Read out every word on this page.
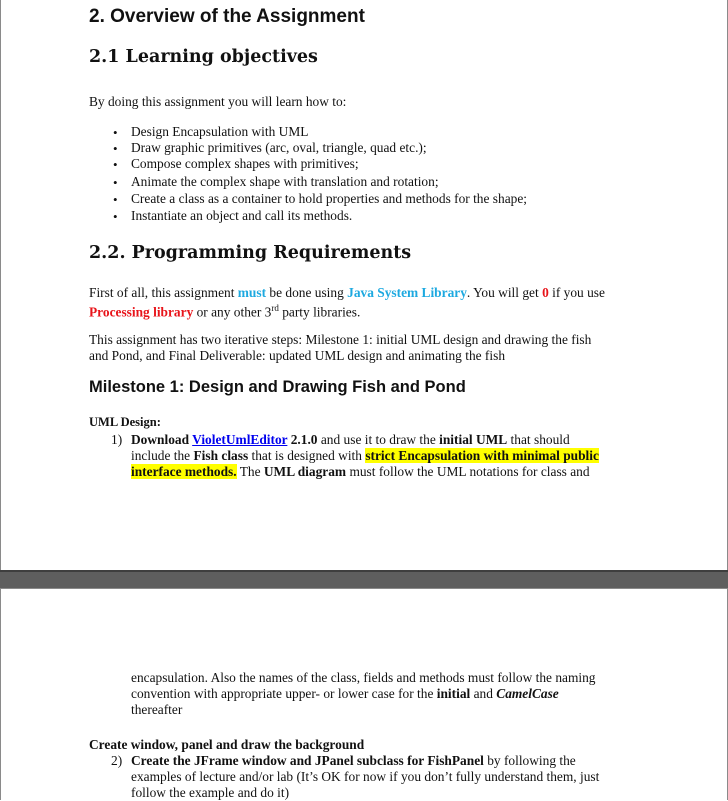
2. Overview of the Assignment
2.1 Learning objectives
By doing this assignment you will learn how to:
• Design Encapsulation with UML
• Draw graphic primitives (arc, oval, triangle, quad etc.);
• Compose complex shapes with primitives;
• Animate the complex shape with translation and rotation;
• Create a class as a container to hold properties and methods for the shape;
• Instantiate an object and call its methods.
2.2. Programming Requirements
First of all, this assignment must be done using Java System Library. You will get 0 if you use
Processing library or any other 3rd party libraries.
This assignment has two iterative steps: Milestone 1: initial UML design and drawing the fish
and Pond, and Final Deliverable: updated UML design and animating the fish
Milestone 1: Design and Drawing Fish and Pond
UML Design:
1) Download VioletUmlEditor 2.1.0 and use it to draw the initial UML that should
include the Fish class that is designed with strict Encapsulation with minimal public
interface methods. The UML diagram must follow the UML notations for class and
encapsulation. Also the names of the class, fields and methods must follow the naming
convention with appropriate upper- or lower case for the initial and CamelCase
thereafter
Create window, panel and draw the background
2) Create the JFrame window and JPanel subclass for FishPanel by following the
examples of lecture and/or lab (It’s OK for now if you don’t fully understand them, just
follow the example and do it)
